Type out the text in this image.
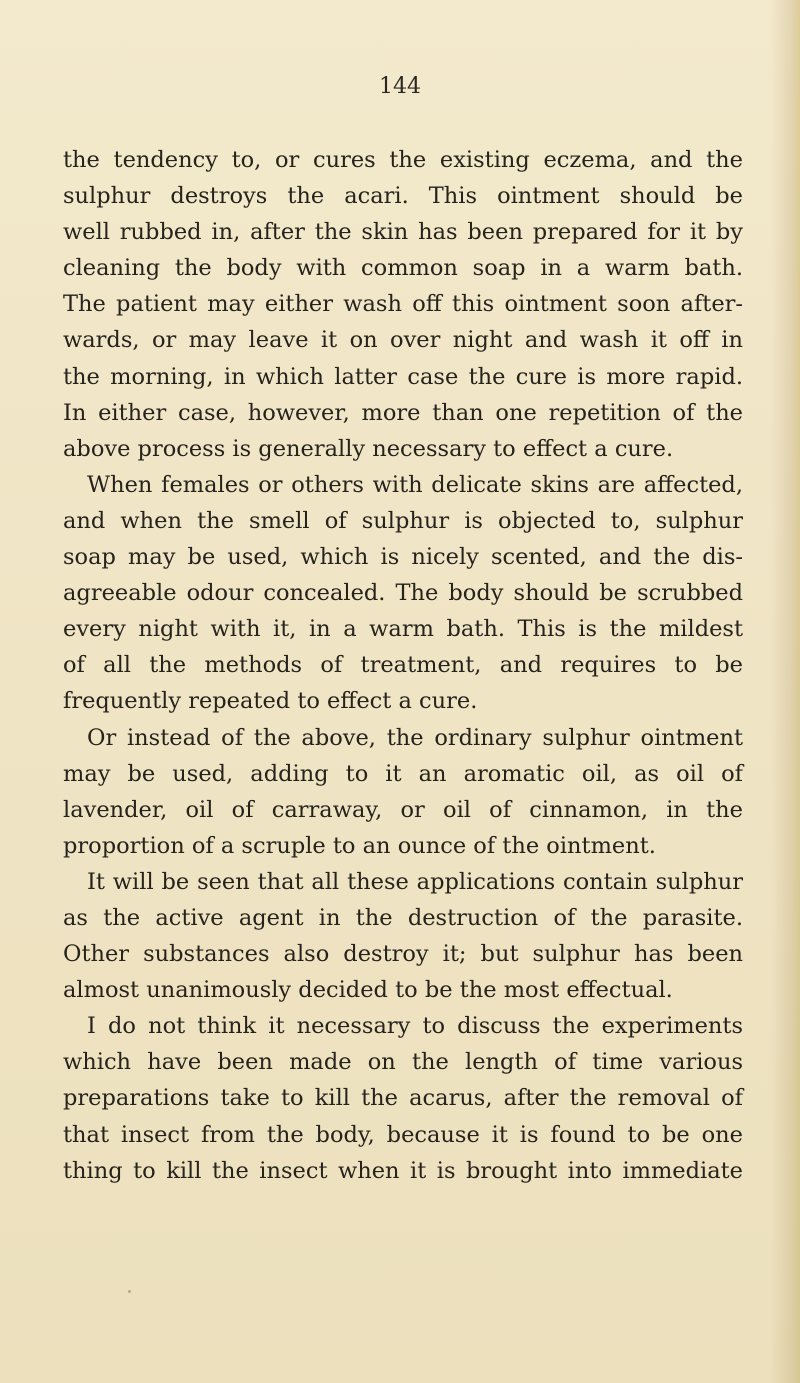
144
the tendency to, or cures the existing eczema, and the
sulphur destroys the acari. This ointment should be
well rubbed in, after the skin has been prepared for it by
cleaning the body with common soap in a warm bath.
The patient may either wash off this ointment soon after-
wards, or may leave it on over night and wash it off in
the morning, in which latter case the cure is more rapid.
In either case, however, more than one repetition of the
above process is generally necessary to effect a cure.
When females or others with delicate skins are affected,
and when the smell of sulphur is objected to, sulphur
soap may be used, which is nicely scented, and the dis-
agreeable odour concealed. The body should be scrubbed
every night with it, in a warm bath. This is the mildest
of all the methods of treatment, and requires to be
frequently repeated to effect a cure.
Or instead of the above, the ordinary sulphur ointment
may be used, adding to it an aromatic oil, as oil of
lavender, oil of carraway, or oil of cinnamon, in the
proportion of a scruple to an ounce of the ointment.
It will be seen that all these applications contain sulphur
as the active agent in the destruction of the parasite.
Other substances also destroy it; but sulphur has been
almost unanimously decided to be the most effectual.
I do not think it necessary to discuss the experiments
which have been made on the length of time various
preparations take to kill the acarus, after the removal of
that insect from the body, because it is found to be one
thing to kill the insect when it is brought into immediate
